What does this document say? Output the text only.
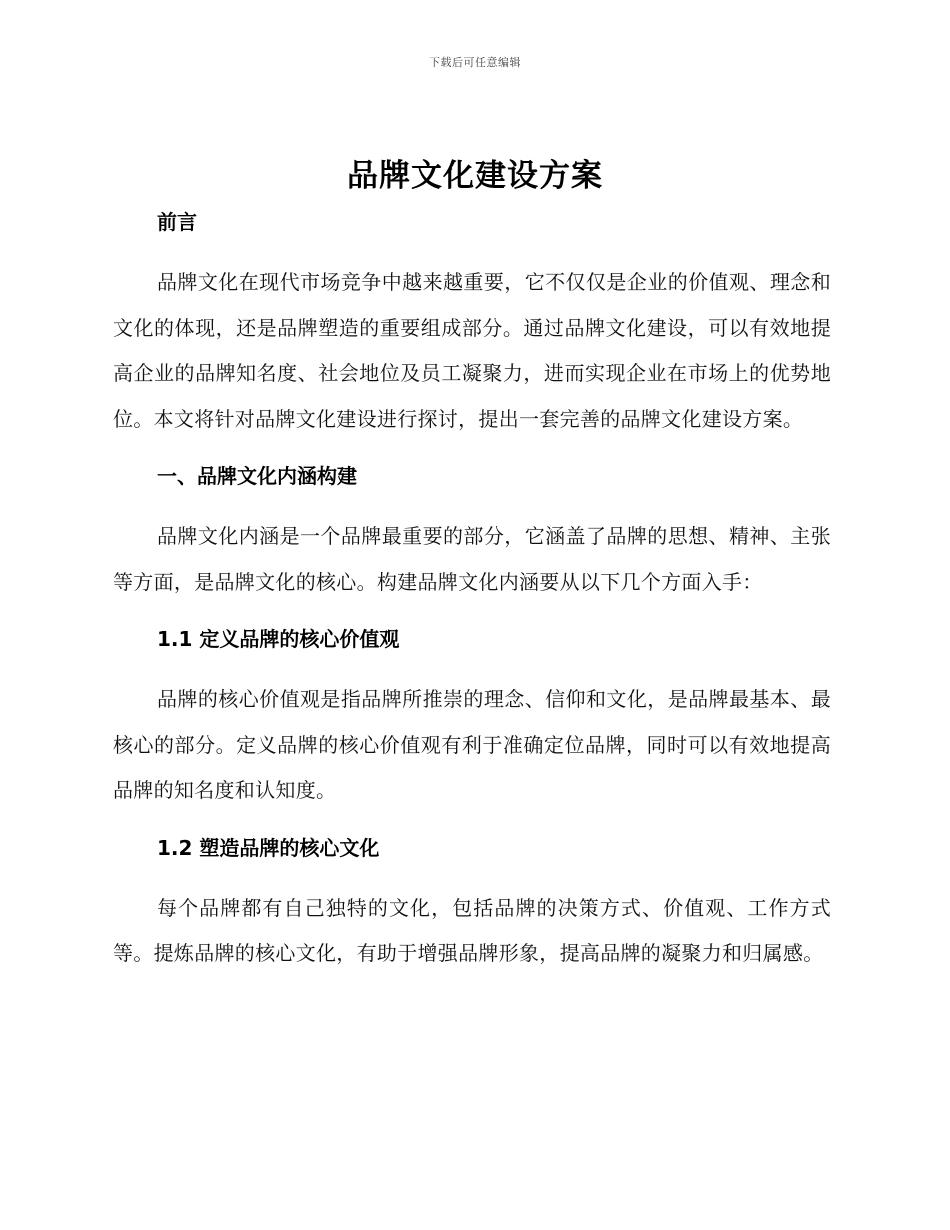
下载后可任意编辑
品牌文化建设方案
前言

品牌文化在现代市场竞争中越来越重要，它不仅仅是企业的价值观、理念和文化的体现，还是品牌塑造的重要组成部分。通过品牌文化建设，可以有效地提高企业的品牌知名度、社会地位及员工凝聚力，进而实现企业在市场上的优势地位。本文将针对品牌文化建设进行探讨，提出一套完善的品牌文化建设方案。

一、品牌文化内涵构建

品牌文化内涵是一个品牌最重要的部分，它涵盖了品牌的思想、精神、主张等方面，是品牌文化的核心。构建品牌文化内涵要从以下几个方面入手：

1.1 定义品牌的核心价值观

品牌的核心价值观是指品牌所推崇的理念、信仰和文化，是品牌最基本、最核心的部分。定义品牌的核心价值观有利于准确定位品牌，同时可以有效地提高品牌的知名度和认知度。

1.2 塑造品牌的核心文化

每个品牌都有自己独特的文化，包括品牌的决策方式、价值观、工作方式等。提炼品牌的核心文化，有助于增强品牌形象，提高品牌的凝聚力和归属感。
